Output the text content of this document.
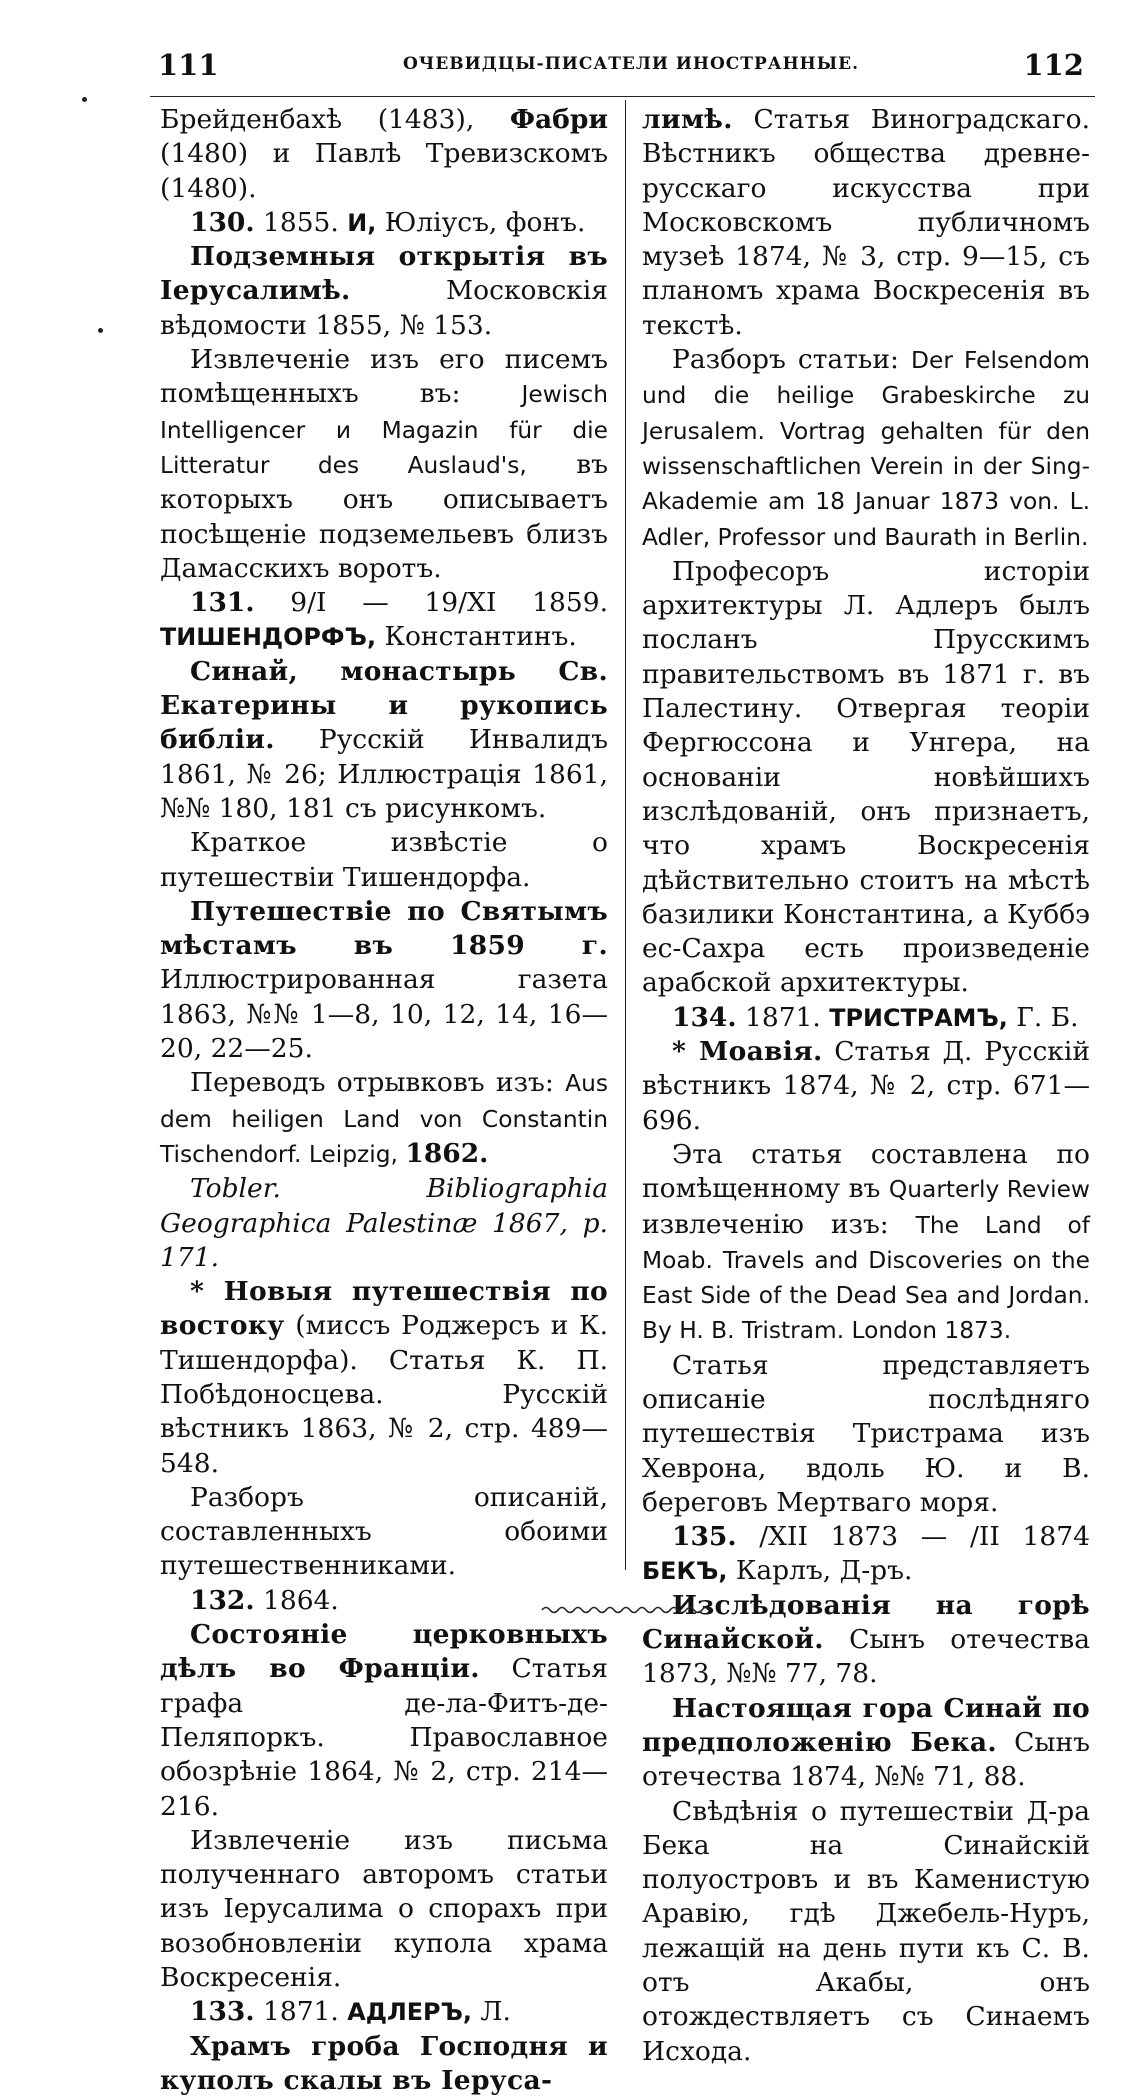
111	ОЧЕВИДЦЫ-ПИСАТЕЛИ ИНОСТРАННЫЕ.	112

Брейденбахѣ (1483), Фабри (1480) и Павлѣ Тревизскомъ (1480).

130. 1855. И, Юліусъ, фонъ.

Подземныя открытія въ Іерусалимѣ. Московскія вѣдомости 1855, № 153.

Извлеченіе изъ его писемъ помѣщенныхъ въ: Jewisch Intelligencer и Magazin für die Litteratur des Auslaud's, въ которыхъ онъ описываетъ посѣщеніе подземельевъ близъ Дамасскихъ воротъ.

131. 9/I — 19/XI 1859. ТИШЕНДОРФЪ, Константинъ.

Синай, монастырь Св. Екатерины и рукопись библіи. Русскій Инвалидъ 1861, № 26; Иллюстрація 1861, №№ 180, 181 съ рисункомъ.

Краткое извѣстіе о путешествіи Тишендорфа.

Путешествіе по Святымъ мѣстамъ въ 1859 г. Иллюстрированная газета 1863, №№ 1—8, 10, 12, 14, 16—20, 22—25.

Переводъ отрывковъ изъ: Aus dem heiligen Land von Constantin Tischendorf. Leipzig, 1862.

Tobler. Bibliographia Geographica Palestinæ 1867, p. 171.

* Новыя путешествія по востоку (миссъ Роджерсъ и К. Тишендорфа). Статья К. П. Побѣдоносцева. Русскій вѣстникъ 1863, № 2, стр. 489—548.

Разборъ описаній, составленныхъ обоими путешественниками.

132. 1864.

Состояніе церковныхъ дѣлъ во Франціи. Статья графа де-ла-Фитъ-де-Пеляпоркъ. Православное обозрѣніе 1864, № 2, стр. 214—216.

Извлеченіе изъ письма полученнаго авторомъ статьи изъ Іерусалима о спорахъ при возобновленіи купола храма Воскресенія.

133. 1871. АДЛЕРЪ, Л.

Храмъ гроба Господня и куполъ скалы въ Іеруса-

лимѣ. Статья Виноградскаго. Вѣстникъ общества древне-русскаго искусства при Московскомъ публичномъ музеѣ 1874, № 3, стр. 9—15, съ планомъ храма Воскресенія въ текстѣ.

Разборъ статьи: Der Felsendom und die heilige Grabeskirche zu Jerusalem. Vortrag gehalten für den wissenschaftlichen Verein in der Sing-Akademie am 18 Januar 1873 von. L. Adler, Professor und Baurath in Berlin.

Професоръ исторіи архитектуры Л. Адлеръ былъ посланъ Прусскимъ правительствомъ въ 1871 г. въ Палестину. Отвергая теоріи Фергюссона и Унгера, на основаніи новѣйшихъ изслѣдованій, онъ признаетъ, что храмъ Воскресенія дѣйствительно стоитъ на мѣстѣ базилики Константина, а Куббэ ес-Сахра есть произведеніе арабской архитектуры.

134. 1871. ТРИСТРАМЪ, Г. Б.

* Моавія. Статья Д. Русскій вѣстникъ 1874, № 2, стр. 671—696.

Эта статья составлена по помѣщенному въ Quarterly Review извлеченію изъ: The Land of Moab. Travels and Discoveries on the East Side of the Dead Sea and Jordan. By H. B. Tristram. London 1873.

Статья представляетъ описаніе послѣдняго путешествія Тристрама изъ Хеврона, вдоль Ю. и В. береговъ Мертваго моря.

135. /XII 1873 — /II 1874 БЕКЪ, Карлъ, Д-ръ.

Изслѣдованія на горѣ Синайской. Сынъ отечества 1873, №№ 77, 78.

Настоящая гора Синай по предположенію Бека. Сынъ отечества 1874, №№ 71, 88.

Свѣдѣнія о путешествіи Д-ра Бека на Синайскій полуостровъ и въ Каменистую Аравію, гдѣ Джебель-Нуръ, лежащій на день пути къ С. В. отъ Акабы, онъ отождествляетъ съ Синаемъ Исхода.
